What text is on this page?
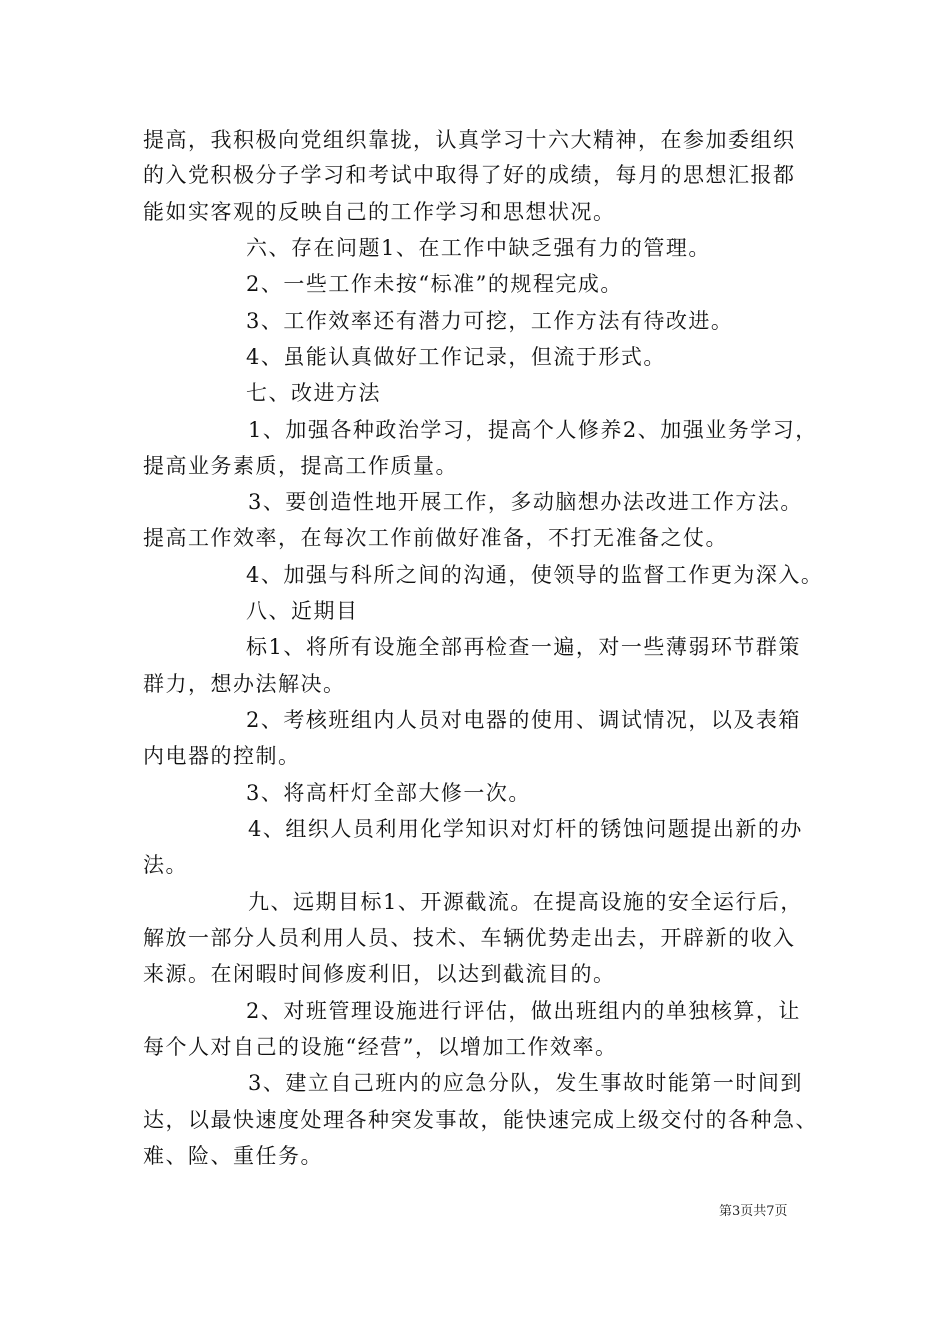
提高，我积极向党组织靠拢，认真学习十六大精神，在参加委组织
的入党积极分子学习和考试中取得了好的成绩，每月的思想汇报都
能如实客观的反映自己的工作学习和思想状况。
六、存在问题1、在工作中缺乏强有力的管理。
2、一些工作未按“标准”的规程完成。
3、工作效率还有潜力可挖，工作方法有待改进。
4、虽能认真做好工作记录，但流于形式。
七、改进方法
1、加强各种政治学习，提高个人修养2、加强业务学习，
提高业务素质，提高工作质量。
3、要创造性地开展工作，多动脑想办法改进工作方法。
提高工作效率，在每次工作前做好准备，不打无准备之仗。
4、加强与科所之间的沟通，使领导的监督工作更为深入。
八、近期目
标1、将所有设施全部再检查一遍，对一些薄弱环节群策
群力，想办法解决。
2、考核班组内人员对电器的使用、调试情况，以及表箱
内电器的控制。
3、将高杆灯全部大修一次。
4、组织人员利用化学知识对灯杆的锈蚀问题提出新的办
法。
九、远期目标1、开源截流。在提高设施的安全运行后，
解放一部分人员利用人员、技术、车辆优势走出去，开辟新的收入
来源。在闲暇时间修废利旧，以达到截流目的。
2、对班管理设施进行评估，做出班组内的单独核算，让
每个人对自己的设施“经营”，以增加工作效率。
3、建立自己班内的应急分队，发生事故时能第一时间到
达，以最快速度处理各种突发事故，能快速完成上级交付的各种急、
难、险、重任务。
第3页共7页
